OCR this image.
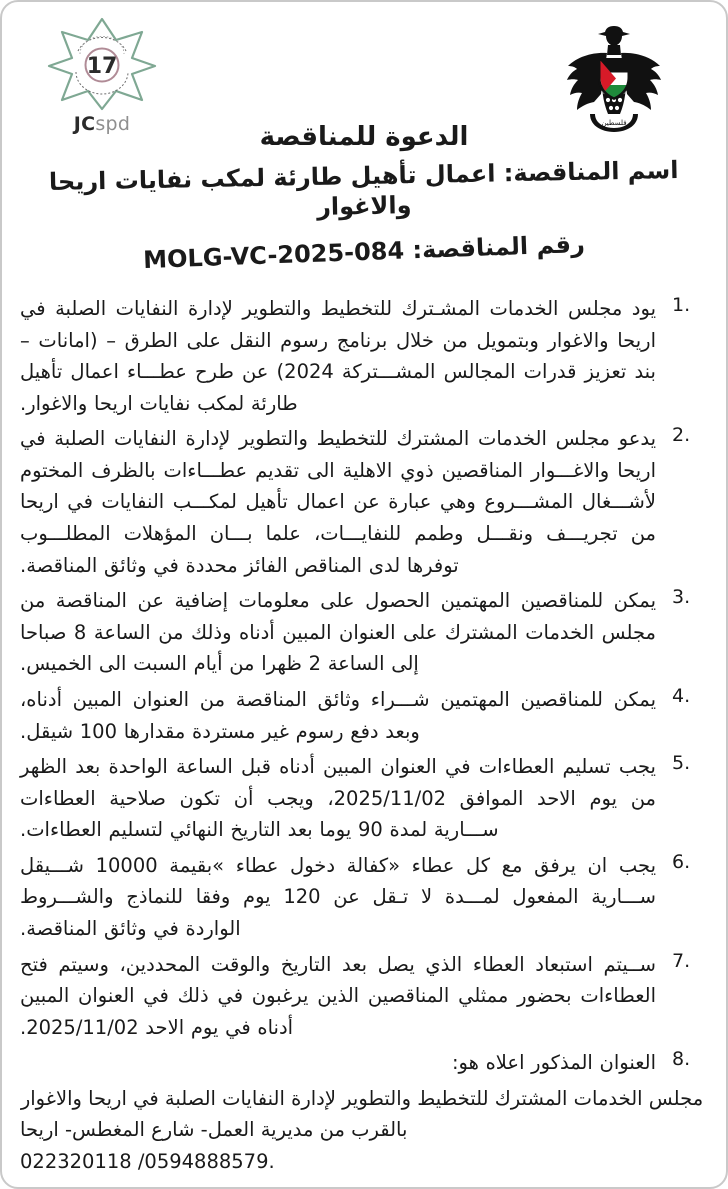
17
JCspd	فلسطين
الدعوة للمناقصة
اسم المناقصة: اعمال تأهيل طارئة لمكب نفايات اريحا والاغوار
رقم المناقصة: MOLG-VC-2025-084
1.
يود مجلس الخدمات المشـترك للتخطيط والتطوير لإدارة النفايات الصلبة في اريحا والاغوار وبتمويل من خلال برنامج رسوم النقل على الطرق – (امانات – بند تعزيز قدرات المجالس المشـــتركة 2024) عن طرح عطـــاء اعمال تأهيل طارئة لمكب نفايات اريحا والاغوار.
2.
يدعو مجلس الخدمات المشترك للتخطيط والتطوير لإدارة النفايات الصلبة في اريحا والاغـــوار المناقصين ذوي الاهلية الى تقديم عطـــاءات بالظرف المختوم لأشـــغال المشـــروع وهي عبارة عن اعمال تأهيل لمكـــب النفايات في اريحا من تجريـــف ونقـــل وطمم للنفايـــات، علما بـــان المؤهلات المطلـــوب توفرها لدى المناقص الفائز محددة في وثائق المناقصة.
3.
يمكن للمناقصين المهتمين الحصول على معلومات إضافية عن المناقصة من مجلس الخدمات المشترك على العنوان المبين أدناه وذلك من الساعة 8 صباحا إلى الساعة 2 ظهرا من أيام السبت الى الخميس.
4.
يمكن للمناقصين المهتمين شـــراء وثائق المناقصة من العنوان المبين أدناه، وبعد دفع رسوم غير مستردة مقدارها 100 شيقل.
5.
يجب تسليم العطاءات في العنوان المبين أدناه قبل الساعة الواحدة بعد الظهر من يوم الاحد الموافق 2025/11/02، ويجب أن تكون صلاحية العطاءات ســـارية لمدة 90 يوما بعد التاريخ النهائي لتسليم العطاءات.
6.
يجب ان يرفق مع كل عطاء «كفالة دخول عطاء »بقيمة 10000 شـــيقل ســـارية المفعول لمـــدة لا تـقل عن 120 يوم وفقا للنماذج والشـــروط الواردة في وثائق المناقصة.
7.
ســيتم استبعاد العطاء الذي يصل بعد التاريخ والوقت المحددين، وسيتم فتح العطاءات بحضور ممثلي المناقصين الذين يرغبون في ذلك في العنوان المبين أدناه في يوم الاحد 2025/11/02.
8.
العنوان المذكور اعلاه هو:
مجلس الخدمات المشترك للتخطيط والتطوير لإدارة النفايات الصلبة في اريحا والاغوار
بالقرب من مديرية العمل- شارع المغطس- اريحا
022320118 /0594888579.
